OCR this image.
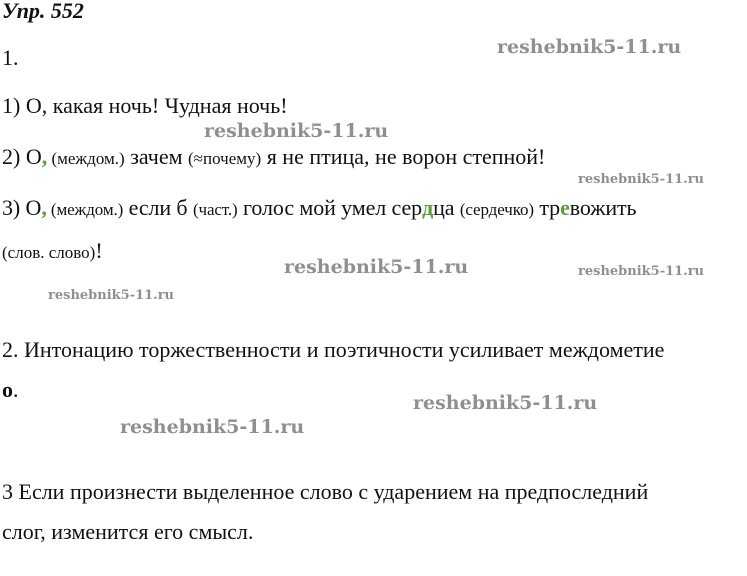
Упр. 552
reshebnik5-11.ru
1.
1) О, какая ночь! Чудная ночь!
reshebnik5-11.ru
2) О, (междом.) зачем (≈почему) я не птица, не ворон степной!
reshebnik5-11.ru
3) О, (междом.) если б (част.) голос мой умел сердца (сердечко) тревожить
(слов. слово)!
reshebnik5-11.ru	reshebnik5-11.ru
reshebnik5-11.ru
2. Интонацию торжественности и поэтичности усиливает междометие
о.
reshebnik5-11.ru
reshebnik5-11.ru
3 Если произнести выделенное слово с ударением на предпоследний
слог, изменится его смысл.
